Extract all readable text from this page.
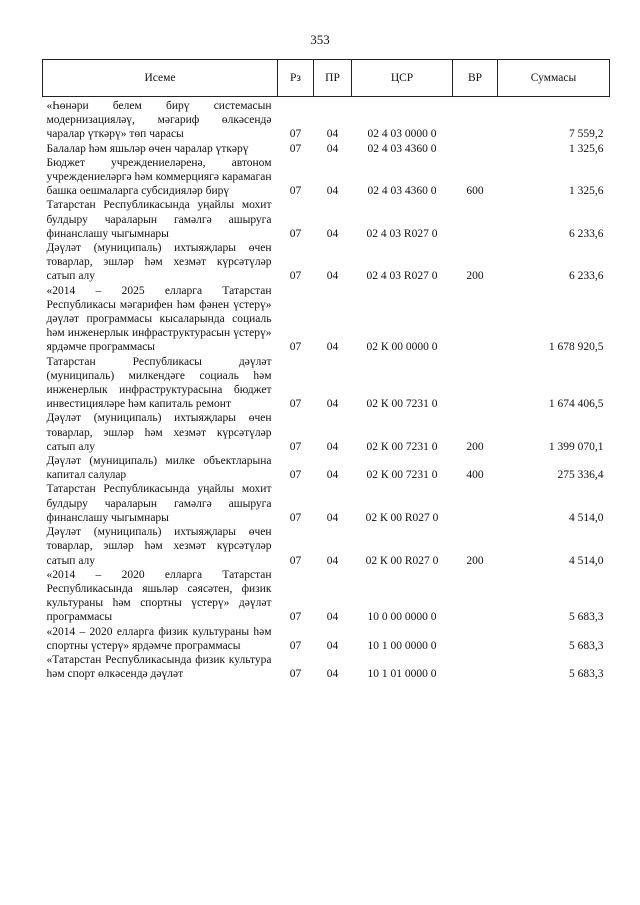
353
Исеме	Рз	ПР	ЦСР	ВР	Суммасы
«Һөнәри белем бирү системасын модернизацияләү, мәгариф өлкәсендә чаралар үткәрү» төп чарасы	07	04	02 4 03 0000 0		7 559,2
Балалар һәм яшьләр өчен чаралар үткәрү	07	04	02 4 03 4360 0		1 325,6
Бюджет учреждениеләренә, автоном учреждениеләргә һәм коммерциягә карамаган башка оешмаларга субсидияләр бирү	07	04	02 4 03 4360 0	600	1 325,6
Татарстан Республикасында уңайлы мохит булдыру чараларын гамәлгә ашыруга финанслашу чыгымнары	07	04	02 4 03 R027 0		6 233,6
Дәүләт (муниципаль) ихтыяҗлары өчен товарлар, эшләр һәм хезмәт күрсәтүләр сатып алу	07	04	02 4 03 R027 0	200	6 233,6
«2014 – 2025 елларга Татарстан Республикасы мәгарифен һәм фәнен үстерү» дәүләт программасы кысаларында социаль һәм инженерлык инфраструктурасын үстерү» ярдәмче программасы	07	04	02 К 00 0000 0		1 678 920,5
Татарстан Республикасы дәүләт (муниципаль) милкендәге социаль һәм инженерлык инфраструктурасына бюджет инвестицияләре һәм капиталь ремонт	07	04	02 К 00 7231 0		1 674 406,5
Дәүләт (муниципаль) ихтыяҗлары өчен товарлар, эшләр һәм хезмәт күрсәтүләр сатып алу	07	04	02 К 00 7231 0	200	1 399 070,1
Дәүләт (муниципаль) милке объектларына капитал салулар	07	04	02 К 00 7231 0	400	275 336,4
Татарстан Республикасында уңайлы мохит булдыру чараларын гамәлгә ашыруга финанслашу чыгымнары	07	04	02 К 00 R027 0		4 514,0
Дәүләт (муниципаль) ихтыяҗлары өчен товарлар, эшләр һәм хезмәт күрсәтүләр сатып алу	07	04	02 К 00 R027 0	200	4 514,0
«2014 – 2020 елларга Татарстан Республикасында яшьләр сәясәтен, физик культураны һәм спортны үстерү» дәүләт программасы	07	04	10 0 00 0000 0		5 683,3
«2014 – 2020 елларга физик культураны һәм спортны үстерү» ярдәмче программасы	07	04	10 1 00 0000 0		5 683,3
«Татарстан Республикасында физик культура һәм спорт өлкәсендә дәүләт	07	04	10 1 01 0000 0		5 683,3
